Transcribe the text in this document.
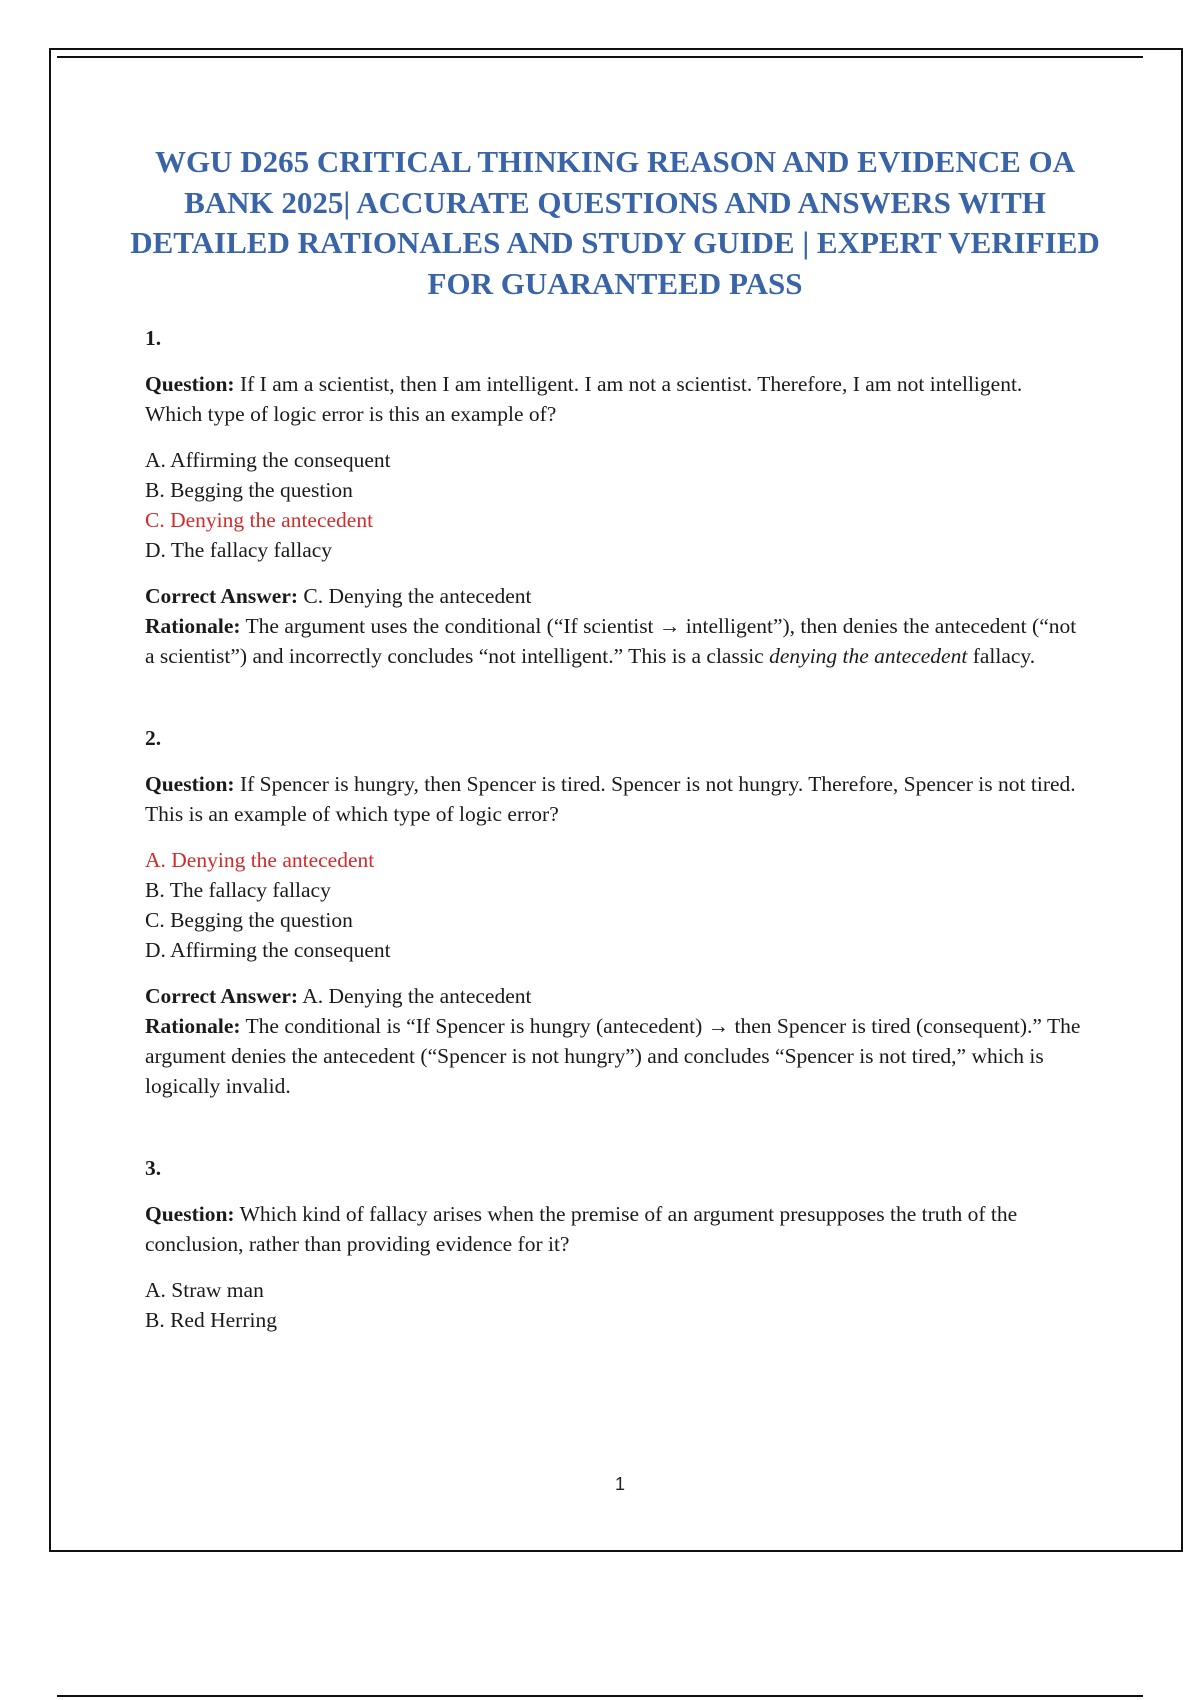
WGU D265 CRITICAL THINKING REASON AND EVIDENCE OA BANK 2025| ACCURATE QUESTIONS AND ANSWERS WITH DETAILED RATIONALES AND STUDY GUIDE | EXPERT VERIFIED FOR GUARANTEED PASS

1.

Question: If I am a scientist, then I am intelligent. I am not a scientist. Therefore, I am not intelligent.
Which type of logic error is this an example of?

A. Affirming the consequent
B. Begging the question
C. Denying the antecedent
D. The fallacy fallacy

Correct Answer: C. Denying the antecedent

Rationale: The argument uses the conditional (“If scientist → intelligent”), then denies the antecedent (“not a scientist”) and incorrectly concludes “not intelligent.” This is a classic denying the antecedent fallacy.

2.

Question: If Spencer is hungry, then Spencer is tired. Spencer is not hungry. Therefore, Spencer is not tired.
This is an example of which type of logic error?

A. Denying the antecedent
B. The fallacy fallacy
C. Begging the question
D. Affirming the consequent

Correct Answer: A. Denying the antecedent

Rationale: The conditional is “If Spencer is hungry (antecedent) → then Spencer is tired (consequent).” The argument denies the antecedent (“Spencer is not hungry”) and concludes “Spencer is not tired,” which is logically invalid.

3.

Question: Which kind of fallacy arises when the premise of an argument presupposes the truth of the conclusion, rather than providing evidence for it?

A. Straw man
B. Red Herring
1
